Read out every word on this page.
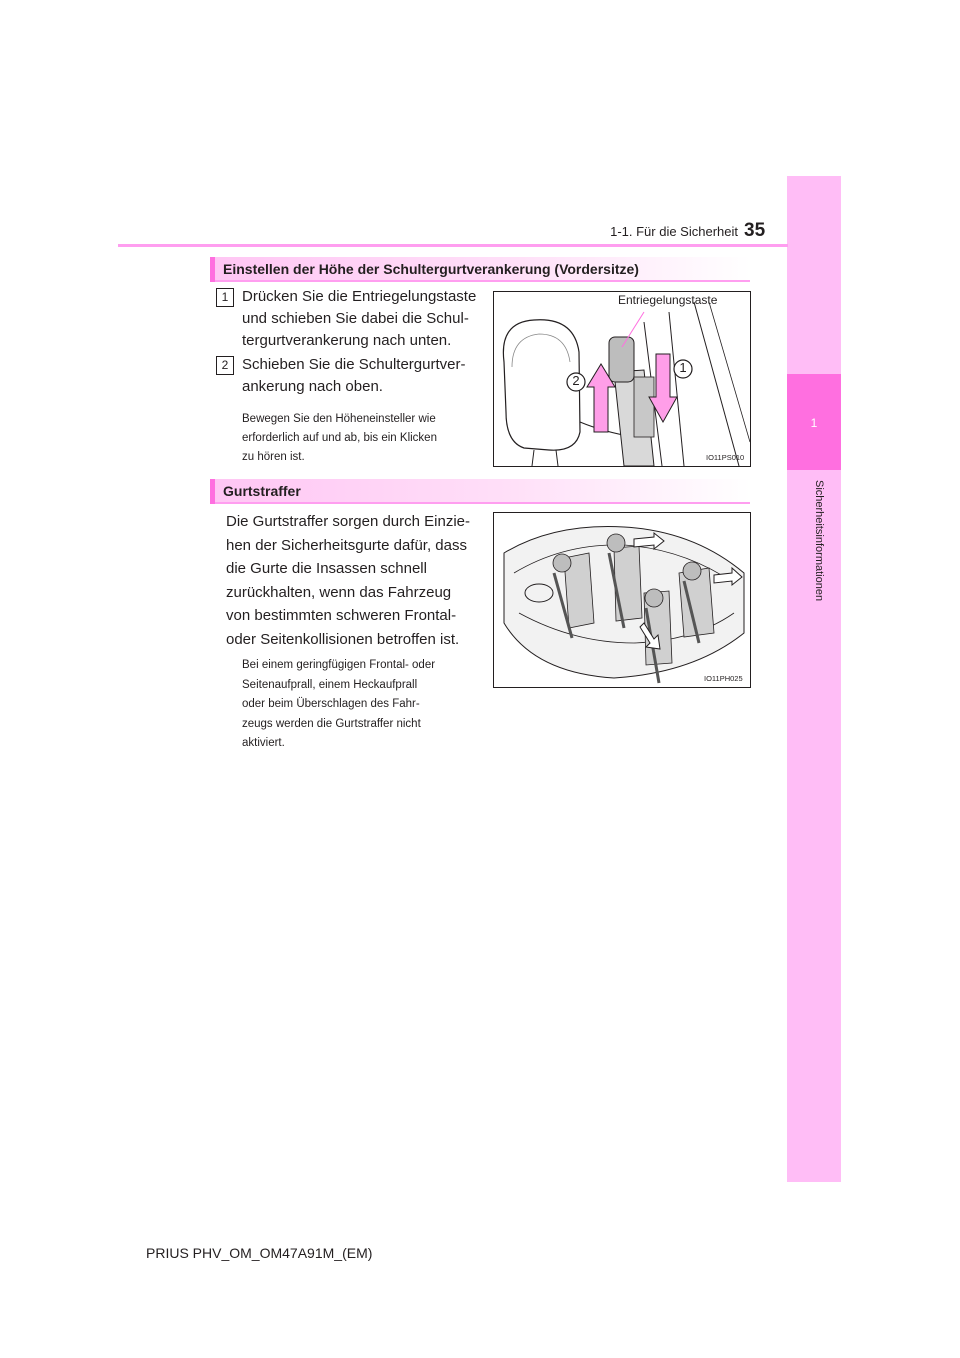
1
Sicherheitsinformationen
1-1. Für die Sicherheit 35
Einstellen der Höhe der Schultergurtverankerung (Vordersitze)
1 Drücken Sie die Entriegelungstaste
und schieben Sie dabei die Schul-
tergurtverankerung nach unten.
2 Schieben Sie die Schultergurtver-
ankerung nach oben.
Bewegen Sie den Höheneinsteller wie
erforderlich auf und ab, bis ein Klicken
zu hören ist.
Entriegelungstaste
2
1
IO11PS010
Gurtstraffer
Die Gurtstraffer sorgen durch Einzie-
hen der Sicherheitsgurte dafür, dass
die Gurte die Insassen schnell
zurückhalten, wenn das Fahrzeug
von bestimmten schweren Frontal-
oder Seitenkollisionen betroffen ist.
Bei einem geringfügigen Frontal- oder
Seitenaufprall, einem Heckaufprall
oder beim Überschlagen des Fahr-
zeugs werden die Gurtstraffer nicht
aktiviert.
IO11PH025
PRIUS PHV_OM_OM47A91M_(EM)
